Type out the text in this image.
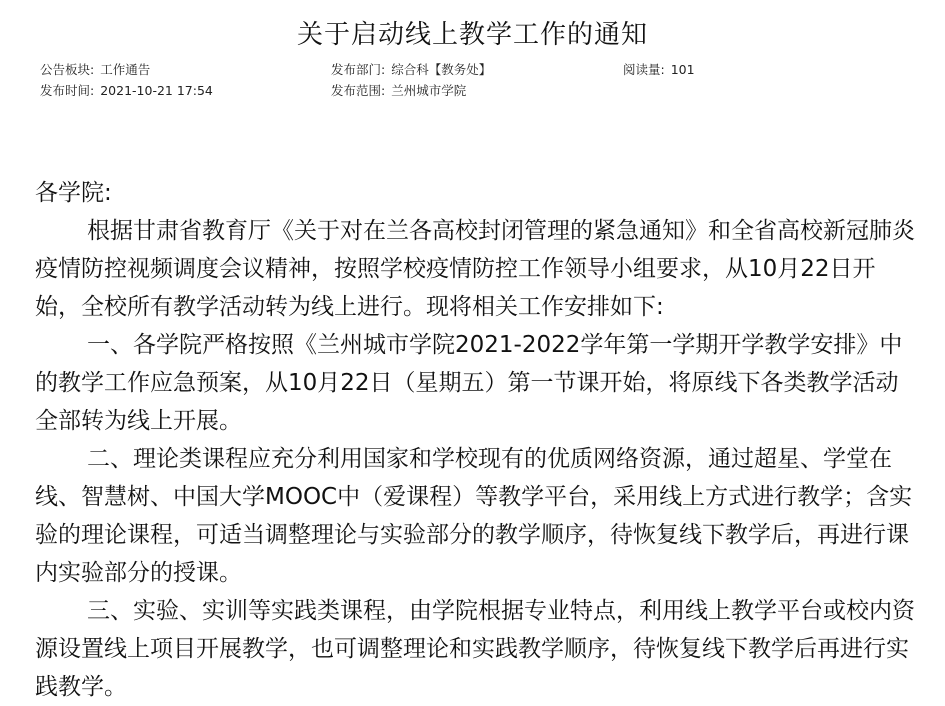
关于启动线上教学工作的通知
公告板块: 工作通告	发布部门: 综合科【教务处】	阅读量: 101
发布时间: 2021-10-21 17:54	发布范围: 兰州城市学院

各学院:

根据甘肃省教育厅《关于对在兰各高校封闭管理的紧急通知》和全省高校新冠肺炎疫情防控视频调度会议精神，按照学校疫情防控工作领导小组要求，从10月22日开始，全校所有教学活动转为线上进行。现将相关工作安排如下:

一、各学院严格按照《兰州城市学院2021-2022学年第一学期开学教学安排》中的教学工作应急预案，从10月22日（星期五）第一节课开始，将原线下各类教学活动全部转为线上开展。

二、理论类课程应充分利用国家和学校现有的优质网络资源，通过超星、学堂在线、智慧树、中国大学MOOC中（爱课程）等教学平台，采用线上方式进行教学；含实验的理论课程，可适当调整理论与实验部分的教学顺序，待恢复线下教学后，再进行课内实验部分的授课。

三、实验、实训等实践类课程，由学院根据专业特点，利用线上教学平台或校内资源设置线上项目开展教学，也可调整理论和实践教学顺序，待恢复线下教学后再进行实践教学。
